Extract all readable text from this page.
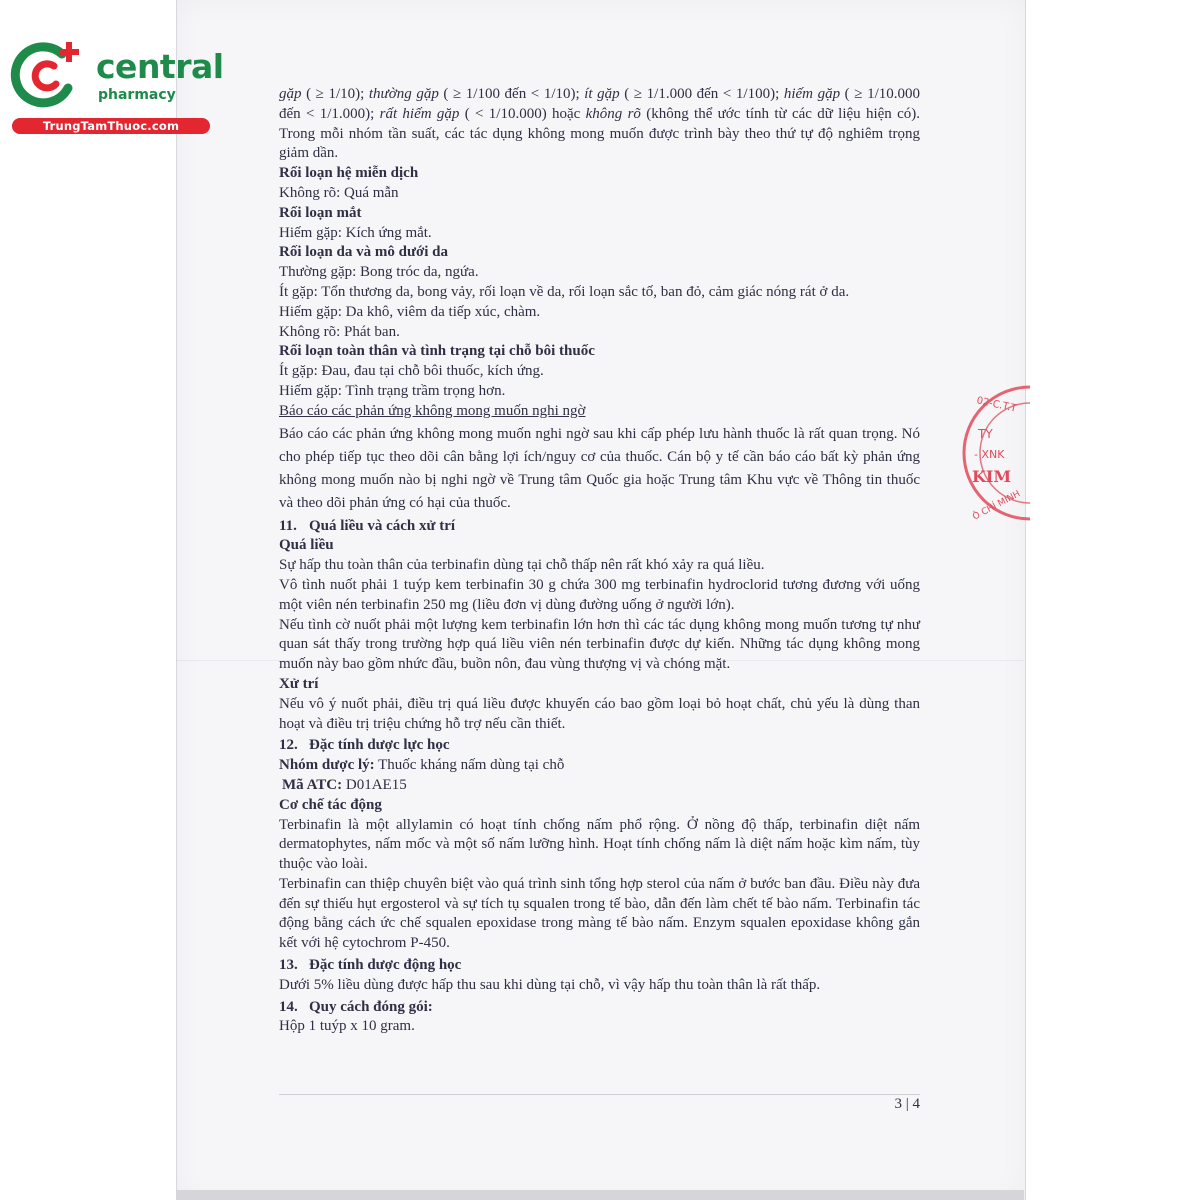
central

pharmacy

TrungTamThuoc.com

gặp ( ≥ 1/10); thường gặp ( ≥ 1/100 đến < 1/10); ít gặp ( ≥ 1/1.000 đến < 1/100); hiếm gặp ( ≥ 1/10.000 đến < 1/1.000); rất hiếm gặp ( < 1/10.000) hoặc không rõ (không thể ước tính từ các dữ liệu hiện có). Trong mỗi nhóm tần suất, các tác dụng không mong muốn được trình bày theo thứ tự độ nghiêm trọng giảm dần.

Rối loạn hệ miễn dịch

Không rõ: Quá mẫn

Rối loạn mắt

Hiếm gặp: Kích ứng mắt.

Rối loạn da và mô dưới da

Thường gặp: Bong tróc da, ngứa.

Ít gặp: Tổn thương da, bong vảy, rối loạn về da, rối loạn sắc tố, ban đỏ, cảm giác nóng rát ở da.

Hiếm gặp: Da khô, viêm da tiếp xúc, chàm.

Không rõ: Phát ban.

Rối loạn toàn thân và tình trạng tại chỗ bôi thuốc

Ít gặp: Đau, đau tại chỗ bôi thuốc, kích ứng.

Hiếm gặp: Tình trạng trầm trọng hơn.

Báo cáo các phản ứng không mong muốn nghi ngờ

Báo cáo các phản ứng không mong muốn nghi ngờ sau khi cấp phép lưu hành thuốc là rất quan trọng. Nó cho phép tiếp tục theo dõi cân bằng lợi ích/nguy cơ của thuốc. Cán bộ y tế cần báo cáo bất kỳ phản ứng không mong muốn nào bị nghi ngờ về Trung tâm Quốc gia hoặc Trung tâm Khu vực về Thông tin thuốc và theo dõi phản ứng có hại của thuốc.

11. Quá liều và cách xử trí

Quá liều

Sự hấp thu toàn thân của terbinafin dùng tại chỗ thấp nên rất khó xảy ra quá liều.

Vô tình nuốt phải 1 tuýp kem terbinafin 30 g chứa 300 mg terbinafin hydroclorid tương đương với uống một viên nén terbinafin 250 mg (liều đơn vị dùng đường uống ở người lớn).

Nếu tình cờ nuốt phải một lượng kem terbinafin lớn hơn thì các tác dụng không mong muốn tương tự như quan sát thấy trong trường hợp quá liều viên nén terbinafin được dự kiến. Những tác dụng không mong muốn này bao gồm nhức đầu, buồn nôn, đau vùng thượng vị và chóng mặt.

Xử trí

Nếu vô ý nuốt phải, điều trị quá liều được khuyến cáo bao gồm loại bỏ hoạt chất, chủ yếu là dùng than hoạt và điều trị triệu chứng hỗ trợ nếu cần thiết.

12. Đặc tính dược lực học

Nhóm dược lý: Thuốc kháng nấm dùng tại chỗ

Mã ATC: D01AE15

Cơ chế tác động

Terbinafin là một allylamin có hoạt tính chống nấm phổ rộng. Ở nồng độ thấp, terbinafin diệt nấm dermatophytes, nấm mốc và một số nấm lưỡng hình. Hoạt tính chống nấm là diệt nấm hoặc kìm nấm, tùy thuộc vào loài.

Terbinafin can thiệp chuyên biệt vào quá trình sinh tổng hợp sterol của nấm ở bước ban đầu. Điều này đưa đến sự thiếu hụt ergosterol và sự tích tụ squalen trong tế bào, dẫn đến làm chết tế bào nấm. Terbinafin tác động bằng cách ức chế squalen epoxidase trong màng tế bào nấm. Enzym squalen epoxidase không gắn kết với hệ cytochrom P-450.

13. Đặc tính dược động học

Dưới 5% liều dùng được hấp thu sau khi dùng tại chỗ, vì vậy hấp thu toàn thân là rất thấp.

14. Quy cách đóng gói:

Hộp 1 tuýp x 10 gram.

3 | 4
02-C.T.T
TY
- XNK
KIM
Ô CHÍ MINH
